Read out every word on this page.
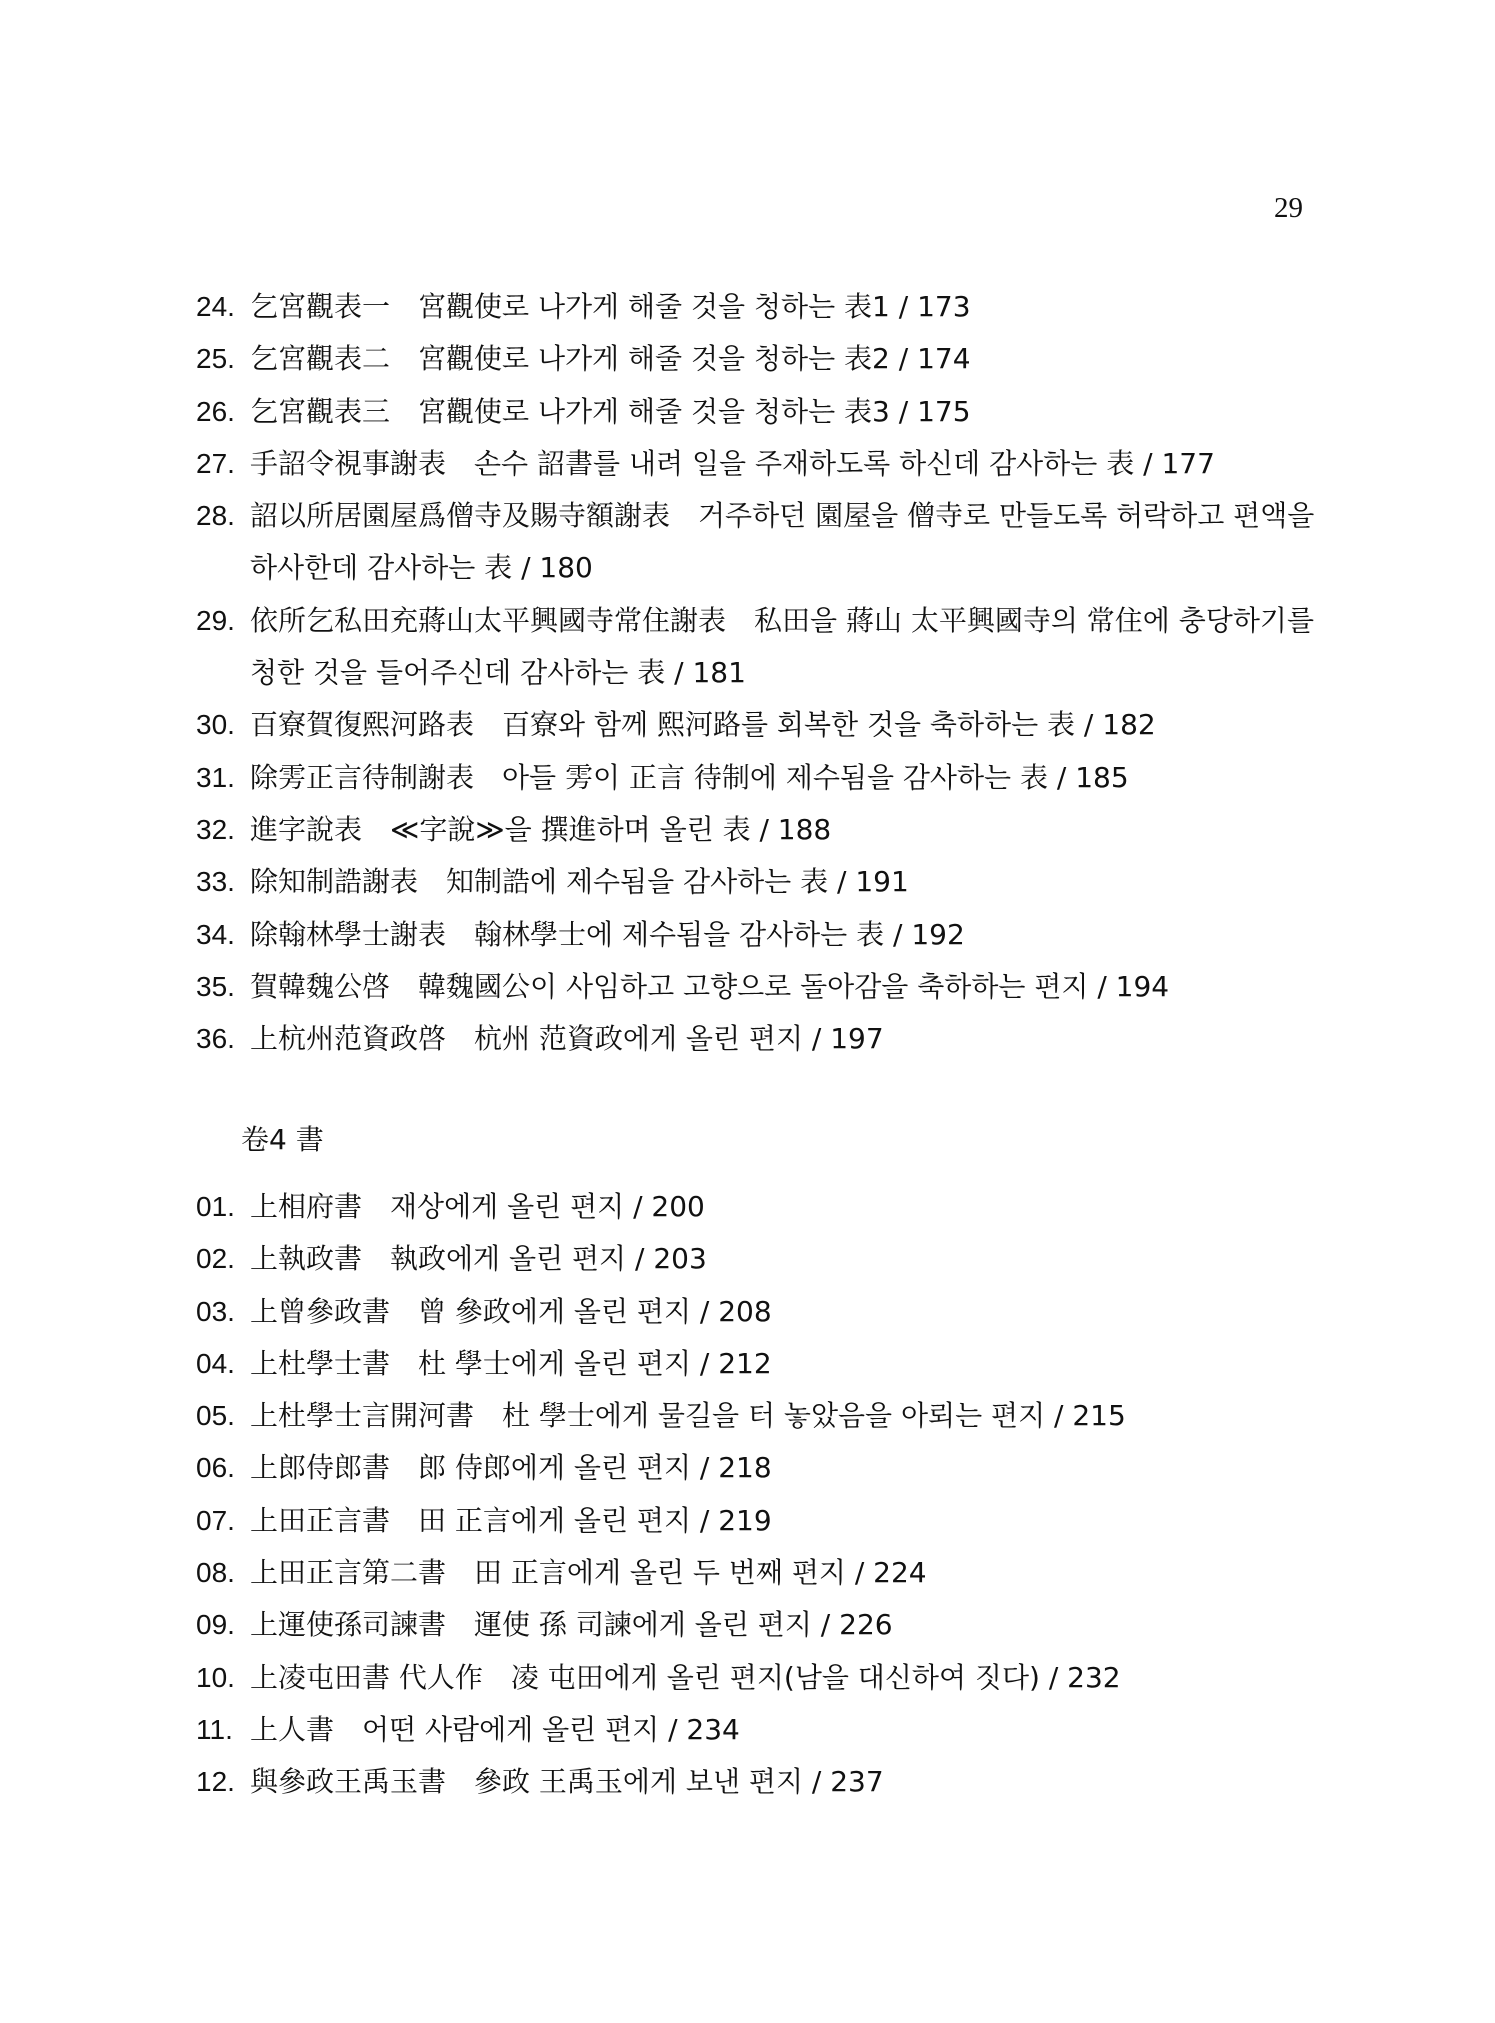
29
24. 乞宮觀表一　宮觀使로 나가게 해줄 것을 청하는 表1 / 173
25. 乞宮觀表二　宮觀使로 나가게 해줄 것을 청하는 表2 / 174
26. 乞宮觀表三　宮觀使로 나가게 해줄 것을 청하는 表3 / 175
27. 手詔令視事謝表　손수 詔書를 내려 일을 주재하도록 하신데 감사하는 表 / 177
28. 詔以所居園屋爲僧寺及賜寺額謝表　거주하던 園屋을 僧寺로 만들도록 허락하고 편액을 하사한데 감사하는 表 / 180
29. 依所乞私田充蔣山太平興國寺常住謝表　私田을 蔣山 太平興國寺의 常住에 충당하기를 청한 것을 들어주신데 감사하는 表 / 181
30. 百寮賀復熙河路表　百寮와 함께 熙河路를 회복한 것을 축하하는 表 / 182
31. 除雱正言待制謝表　아들 雱이 正言 待制에 제수됨을 감사하는 表 / 185
32. 進字說表　≪字說≫을 撰進하며 올린 表 / 188
33. 除知制誥謝表　知制誥에 제수됨을 감사하는 表 / 191
34. 除翰林學士謝表　翰林學士에 제수됨을 감사하는 表 / 192
35. 賀韓魏公啓　韓魏國公이 사임하고 고향으로 돌아감을 축하하는 편지 / 194
36. 上杭州范資政啓　杭州 范資政에게 올린 편지 / 197
卷4 書
01. 上相府書　재상에게 올린 편지 / 200
02. 上執政書　執政에게 올린 편지 / 203
03. 上曾參政書　曾 參政에게 올린 편지 / 208
04. 上杜學士書　杜 學士에게 올린 편지 / 212
05. 上杜學士言開河書　杜 學士에게 물길을 터 놓았음을 아뢰는 편지 / 215
06. 上郎侍郎書　郎 侍郎에게 올린 편지 / 218
07. 上田正言書　田 正言에게 올린 편지 / 219
08. 上田正言第二書　田 正言에게 올린 두 번째 편지 / 224
09. 上運使孫司諫書　運使 孫 司諫에게 올린 편지 / 226
10. 上凌屯田書 代人作　凌 屯田에게 올린 편지(남을 대신하여 짓다) / 232
11. 上人書　어떤 사람에게 올린 편지 / 234
12. 與參政王禹玉書　參政 王禹玉에게 보낸 편지 / 237
